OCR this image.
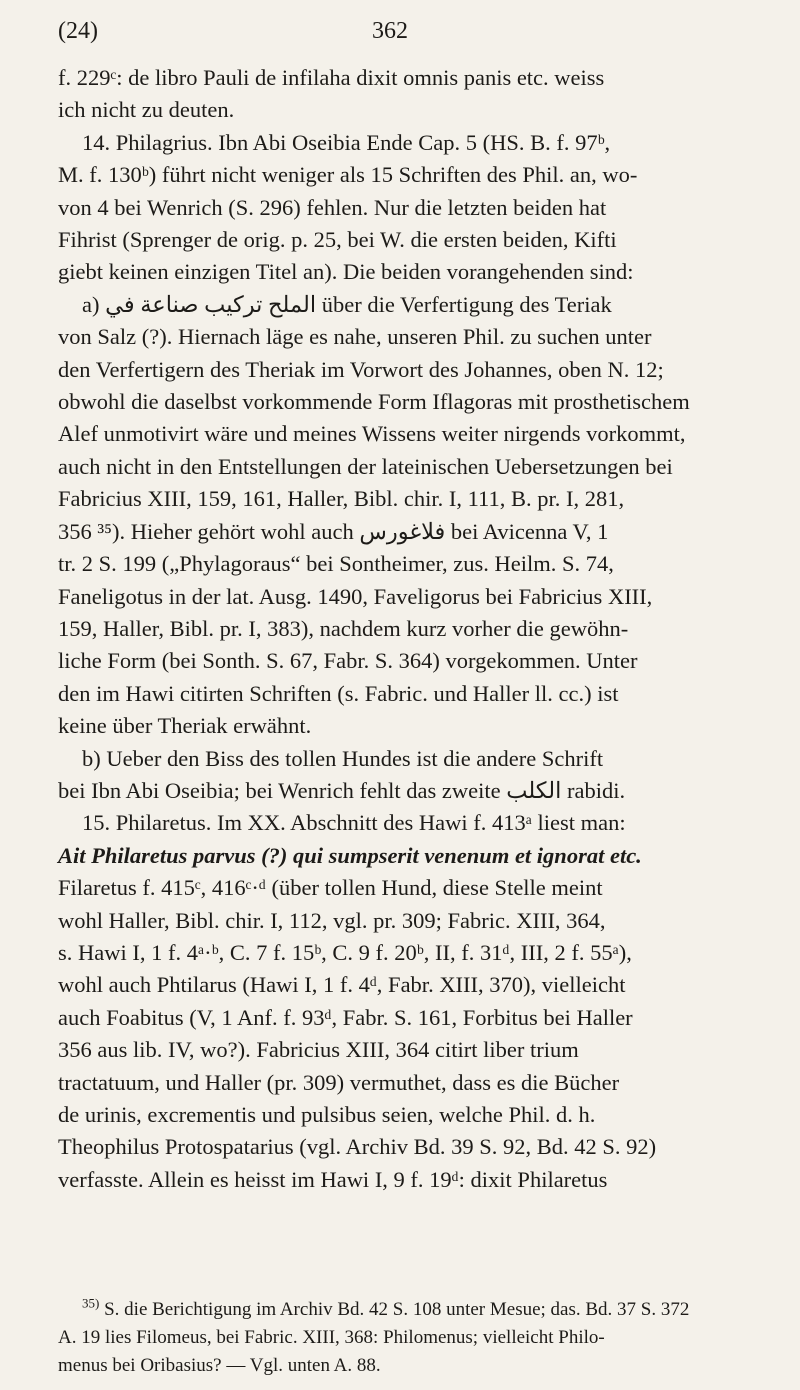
(24)	362

f. 229ᶜ: de libro Pauli de infilaha dixit omnis panis etc. weiss

ich nicht zu deuten.

14. Philagrius. Ibn Abi Oseibia Ende Cap. 5 (HS. B. f. 97ᵇ,

M. f. 130ᵇ) führt nicht weniger als 15 Schriften des Phil. an, wo-

von 4 bei Wenrich (S. 296) fehlen. Nur die letzten beiden hat

Fihrist (Sprenger de orig. p. 25, bei W. die ersten beiden, Kifti

giebt keinen einzigen Titel an). Die beiden vorangehenden sind:

a) الملح تركيب صناعة في über die Verfertigung des Teriak

von Salz (?). Hiernach läge es nahe, unseren Phil. zu suchen unter

den Verfertigern des Theriak im Vorwort des Johannes, oben N. 12;

obwohl die daselbst vorkommende Form Iflagoras mit prosthetischem

Alef unmotivirt wäre und meines Wissens weiter nirgends vorkommt,

auch nicht in den Entstellungen der lateinischen Uebersetzungen bei

Fabricius XIII, 159, 161, Haller, Bibl. chir. I, 111, B. pr. I, 281,

356 ³⁵). Hieher gehört wohl auch فلاغورس bei Avicenna V, 1

tr. 2 S. 199 („Phylagoraus“ bei Sontheimer, zus. Heilm. S. 74,

Faneligotus in der lat. Ausg. 1490, Faveligorus bei Fabricius XIII,

159, Haller, Bibl. pr. I, 383), nachdem kurz vorher die gewöhn-

liche Form (bei Sonth. S. 67, Fabr. S. 364) vorgekommen. Unter

den im Hawi citirten Schriften (s. Fabric. und Haller ll. cc.) ist

keine über Theriak erwähnt.

b) Ueber den Biss des tollen Hundes ist die andere Schrift

bei Ibn Abi Oseibia; bei Wenrich fehlt das zweite الكلب rabidi.

15. Philaretus. Im XX. Abschnitt des Hawi f. 413ᵃ liest man:

Ait Philaretus parvus (?) qui sumpserit venenum et ignorat etc.

Filaretus f. 415ᶜ, 416ᶜ·ᵈ (über tollen Hund, diese Stelle meint

wohl Haller, Bibl. chir. I, 112, vgl. pr. 309; Fabric. XIII, 364,

s. Hawi I, 1 f. 4ᵃ·ᵇ, C. 7 f. 15ᵇ, C. 9 f. 20ᵇ, II, f. 31ᵈ, III, 2 f. 55ᵃ),

wohl auch Phtilarus (Hawi I, 1 f. 4ᵈ, Fabr. XIII, 370), vielleicht

auch Foabitus (V, 1 Anf. f. 93ᵈ, Fabr. S. 161, Forbitus bei Haller

356 aus lib. IV, wo?). Fabricius XIII, 364 citirt liber trium

tractatuum, und Haller (pr. 309) vermuthet, dass es die Bücher

de urinis, excrementis und pulsibus seien, welche Phil. d. h.

Theophilus Protospatarius (vgl. Archiv Bd. 39 S. 92, Bd. 42 S. 92)

verfasste. Allein es heisst im Hawi I, 9 f. 19ᵈ: dixit Philaretus

$^{35)}$ S. die Berichtigung im Archiv Bd. 42 S. 108 unter Mesue; das. Bd. 37 S. 372

A. 19 lies Filomeus, bei Fabric. XIII, 368: Philomenus; vielleicht Philo-

menus bei Oribasius? — Vgl. unten A. 88.
